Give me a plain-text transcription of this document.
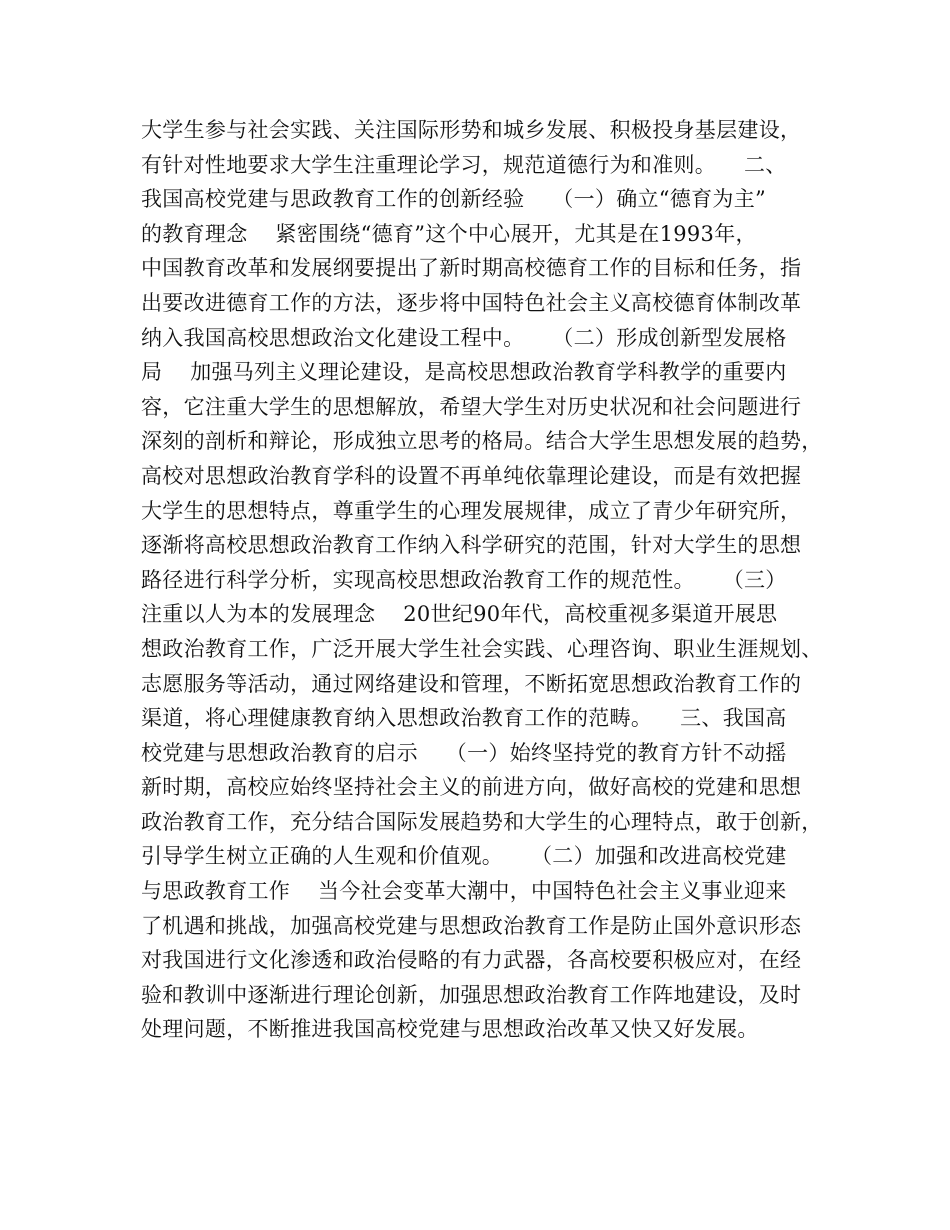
大学生参与社会实践、关注国际形势和城乡发展、积极投身基层建设，
有针对性地要求大学生注重理论学习，规范道德行为和准则。    二、
我国高校党建与思政教育工作的创新经验    （一）确立“德育为主”
的教育理念    紧密围绕“德育”这个中心展开，尤其是在1993年，
中国教育改革和发展纲要提出了新时期高校德育工作的目标和任务，指
出要改进德育工作的方法，逐步将中国特色社会主义高校德育体制改革
纳入我国高校思想政治文化建设工程中。    （二）形成创新型发展格
局    加强马列主义理论建设，是高校思想政治教育学科教学的重要内
容，它注重大学生的思想解放，希望大学生对历史状况和社会问题进行
深刻的剖析和辩论，形成独立思考的格局。结合大学生思想发展的趋势，
高校对思想政治教育学科的设置不再单纯依靠理论建设，而是有效把握
大学生的思想特点，尊重学生的心理发展规律，成立了青少年研究所，
逐渐将高校思想政治教育工作纳入科学研究的范围，针对大学生的思想
路径进行科学分析，实现高校思想政治教育工作的规范性。    （三）
注重以人为本的发展理念    20世纪90年代，高校重视多渠道开展思
想政治教育工作，广泛开展大学生社会实践、心理咨询、职业生涯规划、
志愿服务等活动，通过网络建设和管理，不断拓宽思想政治教育工作的
渠道，将心理健康教育纳入思想政治教育工作的范畴。    三、我国高
校党建与思想政治教育的启示    （一）始终坚持党的教育方针不动摇
新时期，高校应始终坚持社会主义的前进方向，做好高校的党建和思想
政治教育工作，充分结合国际发展趋势和大学生的心理特点，敢于创新，
引导学生树立正确的人生观和价值观。    （二）加强和改进高校党建
与思政教育工作    当今社会变革大潮中，中国特色社会主义事业迎来
了机遇和挑战，加强高校党建与思想政治教育工作是防止国外意识形态
对我国进行文化渗透和政治侵略的有力武器，各高校要积极应对，在经
验和教训中逐渐进行理论创新，加强思想政治教育工作阵地建设，及时
处理问题，不断推进我国高校党建与思想政治改革又快又好发展。
